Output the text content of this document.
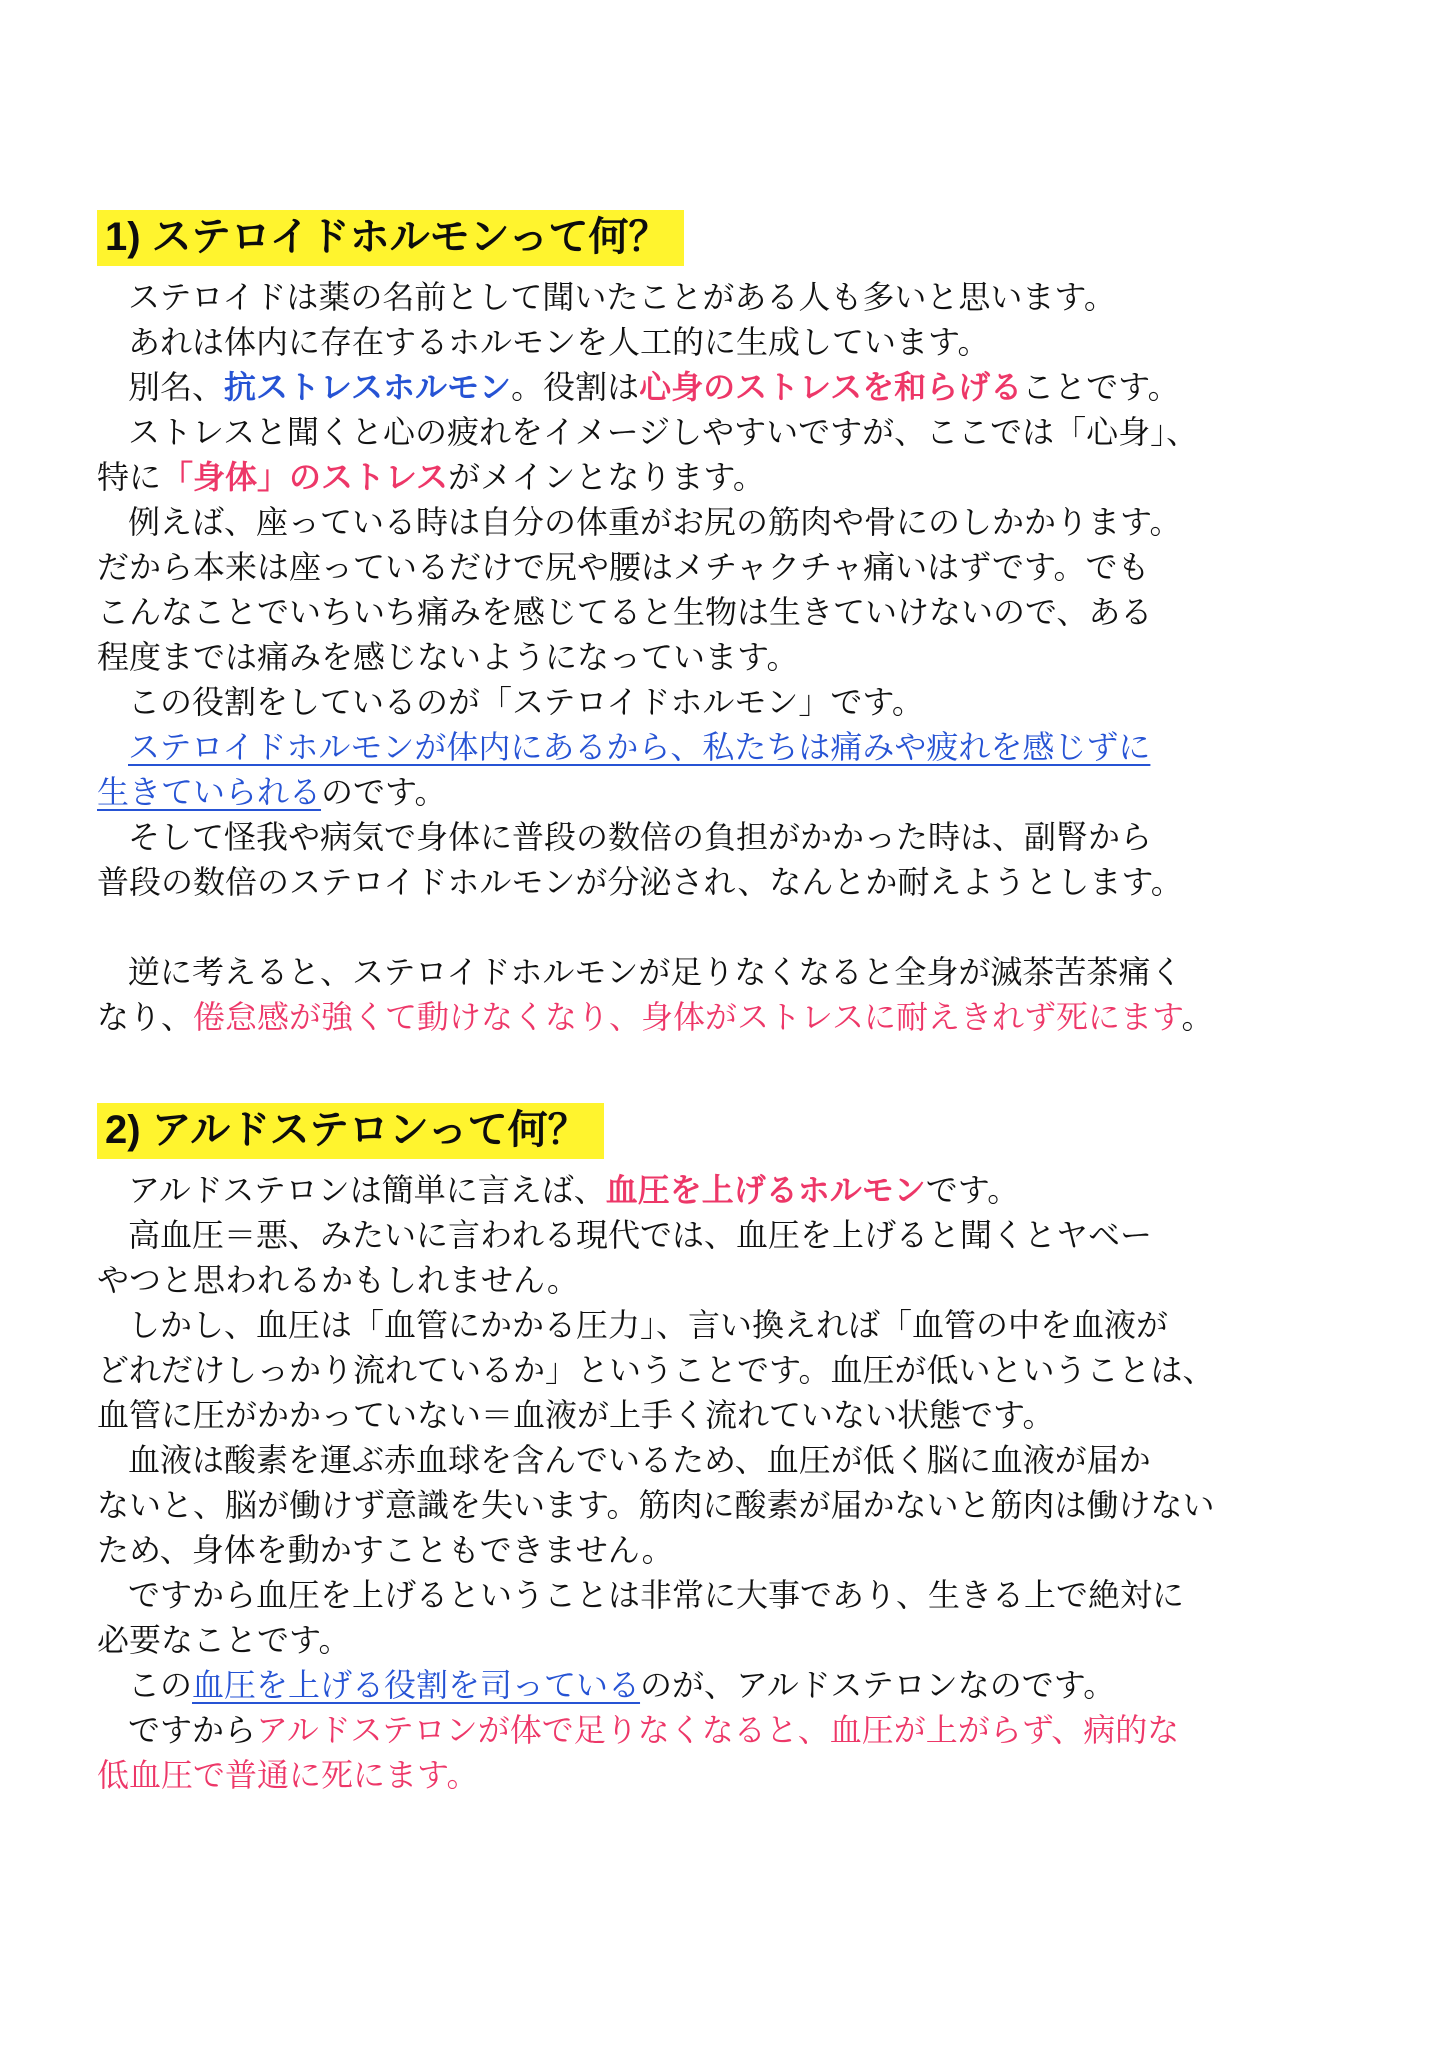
1) ステロイドホルモンって何？
ステロイドは薬の名前として聞いたことがある人も多いと思います。
あれは体内に存在するホルモンを人工的に生成しています。
別名、抗ストレスホルモン。役割は心身のストレスを和らげることです。
ストレスと聞くと心の疲れをイメージしやすいですが、ここでは「心身」、
特に「身体」のストレスがメインとなります。
例えば、座っている時は自分の体重がお尻の筋肉や骨にのしかかります。
だから本来は座っているだけで尻や腰はメチャクチャ痛いはずです。でも
こんなことでいちいち痛みを感じてると生物は生きていけないので、ある
程度までは痛みを感じないようになっています。
この役割をしているのが「ステロイドホルモン」です。
ステロイドホルモンが体内にあるから、私たちは痛みや疲れを感じずに
生きていられるのです。
そして怪我や病気で身体に普段の数倍の負担がかかった時は、副腎から
普段の数倍のステロイドホルモンが分泌され、なんとか耐えようとします。
逆に考えると、ステロイドホルモンが足りなくなると全身が滅茶苦茶痛く
なり、倦怠感が強くて動けなくなり、身体がストレスに耐えきれず死にます。
2) アルドステロンって何？
アルドステロンは簡単に言えば、血圧を上げるホルモンです。
高血圧＝悪、みたいに言われる現代では、血圧を上げると聞くとヤベー
やつと思われるかもしれません。
しかし、血圧は「血管にかかる圧力」、言い換えれば「血管の中を血液が
どれだけしっかり流れているか」ということです。血圧が低いということは、
血管に圧がかかっていない＝血液が上手く流れていない状態です。
血液は酸素を運ぶ赤血球を含んでいるため、血圧が低く脳に血液が届か
ないと、脳が働けず意識を失います。筋肉に酸素が届かないと筋肉は働けない
ため、身体を動かすこともできません。
ですから血圧を上げるということは非常に大事であり、生きる上で絶対に
必要なことです。
この血圧を上げる役割を司っているのが、アルドステロンなのです。
ですからアルドステロンが体で足りなくなると、血圧が上がらず、病的な
低血圧で普通に死にます。
